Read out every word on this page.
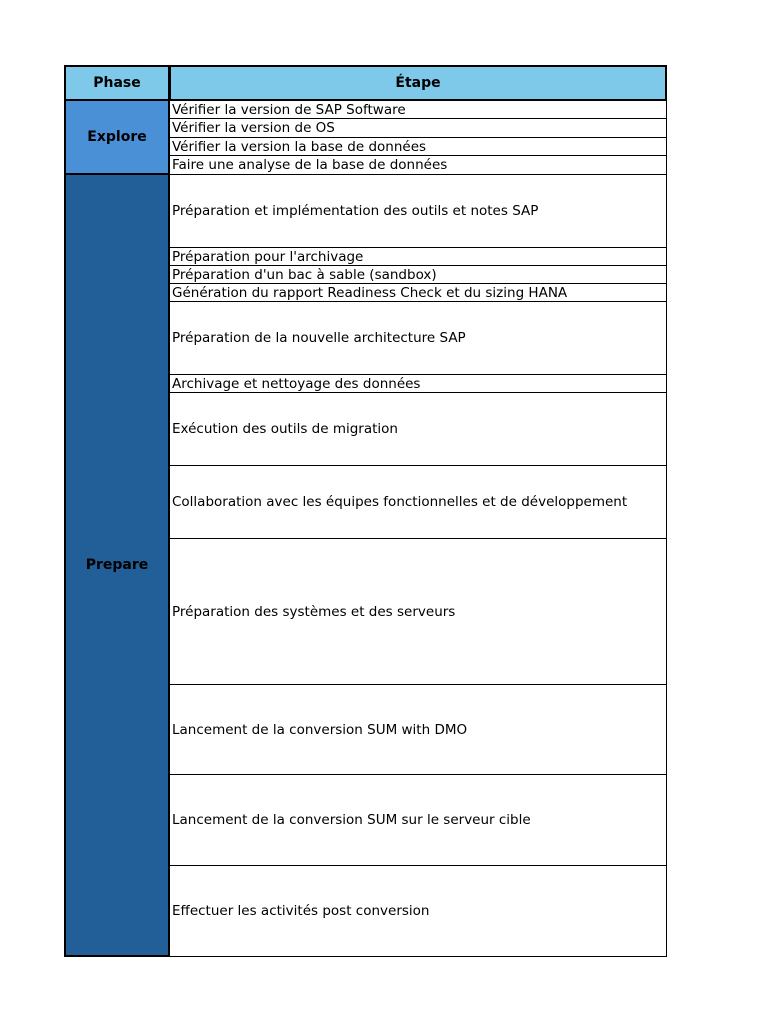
Phase
Explore
Prepare
Étape
Vérifier la version de SAP Software
Vérifier la version de OS
Vérifier la version la base de données
Faire une analyse de la base de données
Préparation et implémentation des outils et notes SAP
Préparation pour l'archivage
Préparation d'un bac à sable (sandbox)
Génération du rapport Readiness Check et du sizing HANA
Préparation de la nouvelle architecture SAP
Archivage et nettoyage des données
Exécution des outils de migration
Collaboration avec les équipes fonctionnelles et de développement
Préparation des systèmes et des serveurs
Lancement de la conversion SUM with DMO
Lancement de la conversion SUM sur le serveur cible
Effectuer les activités post conversion
